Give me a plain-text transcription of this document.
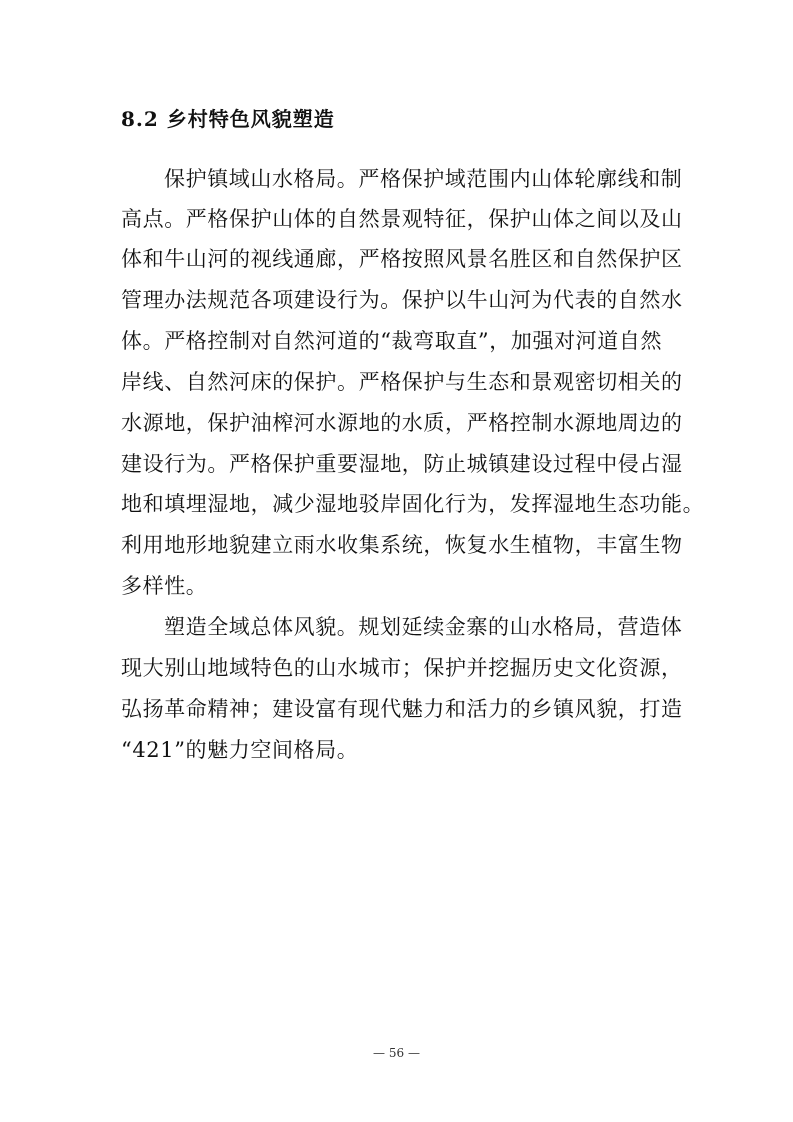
8.2 乡村特色风貌塑造
保护镇域山水格局。严格保护域范围内山体轮廓线和制
高点。严格保护山体的自然景观特征，保护山体之间以及山
体和牛山河的视线通廊，严格按照风景名胜区和自然保护区
管理办法规范各项建设行为。保护以牛山河为代表的自然水
体。严格控制对自然河道的“裁弯取直”，加强对河道自然
岸线、自然河床的保护。严格保护与生态和景观密切相关的
水源地，保护油榨河水源地的水质，严格控制水源地周边的
建设行为。严格保护重要湿地，防止城镇建设过程中侵占湿
地和填埋湿地，减少湿地驳岸固化行为，发挥湿地生态功能。
利用地形地貌建立雨水收集系统，恢复水生植物，丰富生物
多样性。
塑造全域总体风貌。规划延续金寨的山水格局，营造体
现大别山地域特色的山水城市；保护并挖掘历史文化资源，
弘扬革命精神；建设富有现代魅力和活力的乡镇风貌，打造
“421”的魅力空间格局。
— 56 —
